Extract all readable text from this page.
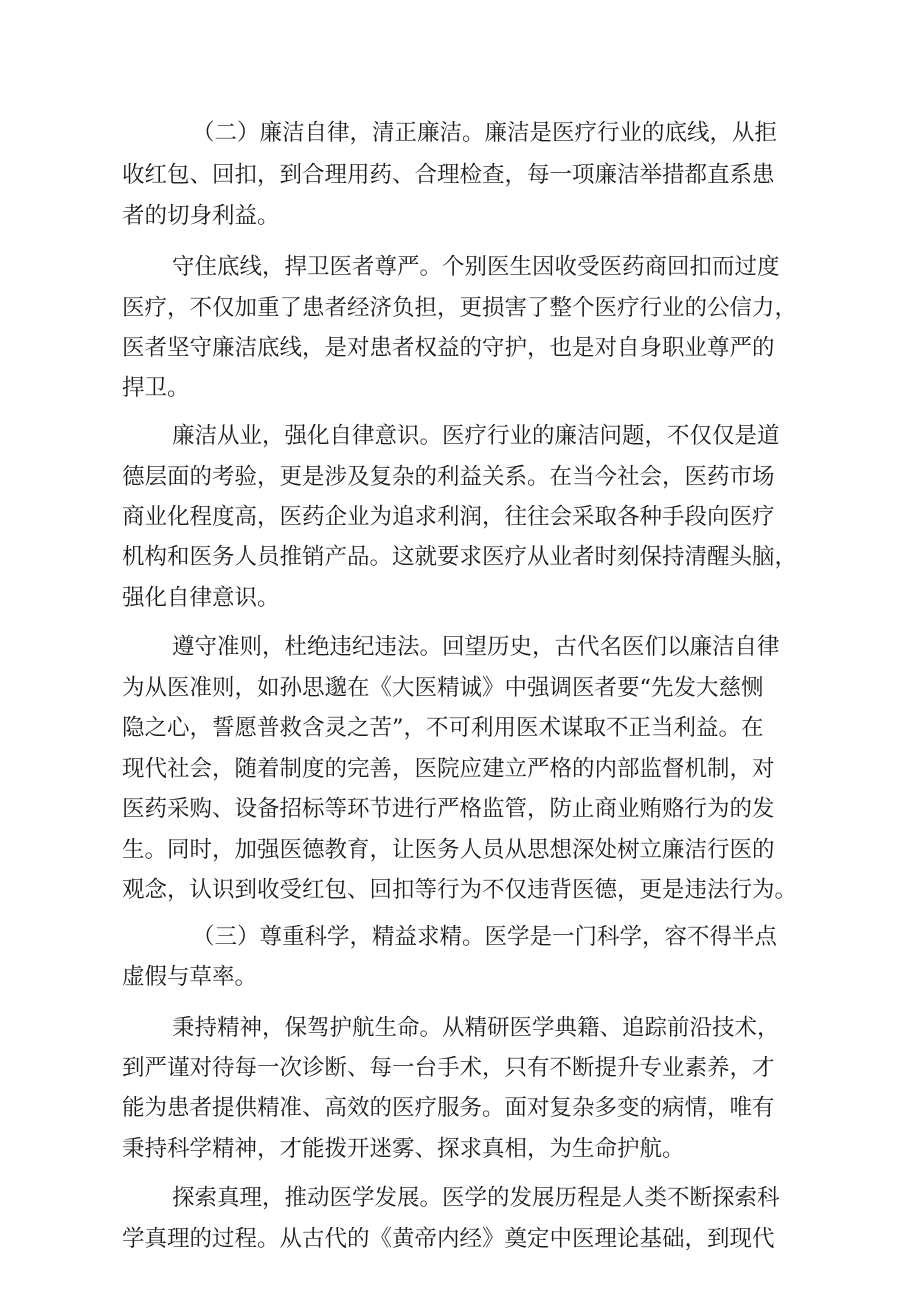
（二）廉洁自律，清正廉洁。廉洁是医疗行业的底线，从拒
收红包、回扣，到合理用药、合理检查，每一项廉洁举措都直系患
者的切身利益。
守住底线，捍卫医者尊严。个别医生因收受医药商回扣而过度
医疗，不仅加重了患者经济负担，更损害了整个医疗行业的公信力，
医者坚守廉洁底线，是对患者权益的守护，也是对自身职业尊严的
捍卫。
廉洁从业，强化自律意识。医疗行业的廉洁问题，不仅仅是道
德层面的考验，更是涉及复杂的利益关系。在当今社会，医药市场
商业化程度高，医药企业为追求利润，往往会采取各种手段向医疗
机构和医务人员推销产品。这就要求医疗从业者时刻保持清醒头脑，
强化自律意识。
遵守准则，杜绝违纪违法。回望历史，古代名医们以廉洁自律
为从医准则，如孙思邈在《大医精诚》中强调医者要“先发大慈恻
隐之心，誓愿普救含灵之苦”，不可利用医术谋取不正当利益。在
现代社会，随着制度的完善，医院应建立严格的内部监督机制，对
医药采购、设备招标等环节进行严格监管，防止商业贿赂行为的发
生。同时，加强医德教育，让医务人员从思想深处树立廉洁行医的
观念，认识到收受红包、回扣等行为不仅违背医德，更是违法行为。
（三）尊重科学，精益求精。医学是一门科学，容不得半点
虚假与草率。
秉持精神，保驾护航生命。从精研医学典籍、追踪前沿技术，
到严谨对待每一次诊断、每一台手术，只有不断提升专业素养，才
能为患者提供精准、高效的医疗服务。面对复杂多变的病情，唯有
秉持科学精神，才能拨开迷雾、探求真相，为生命护航。
探索真理，推动医学发展。医学的发展历程是人类不断探索科
学真理的过程。从古代的《黄帝内经》奠定中医理论基础，到现代
